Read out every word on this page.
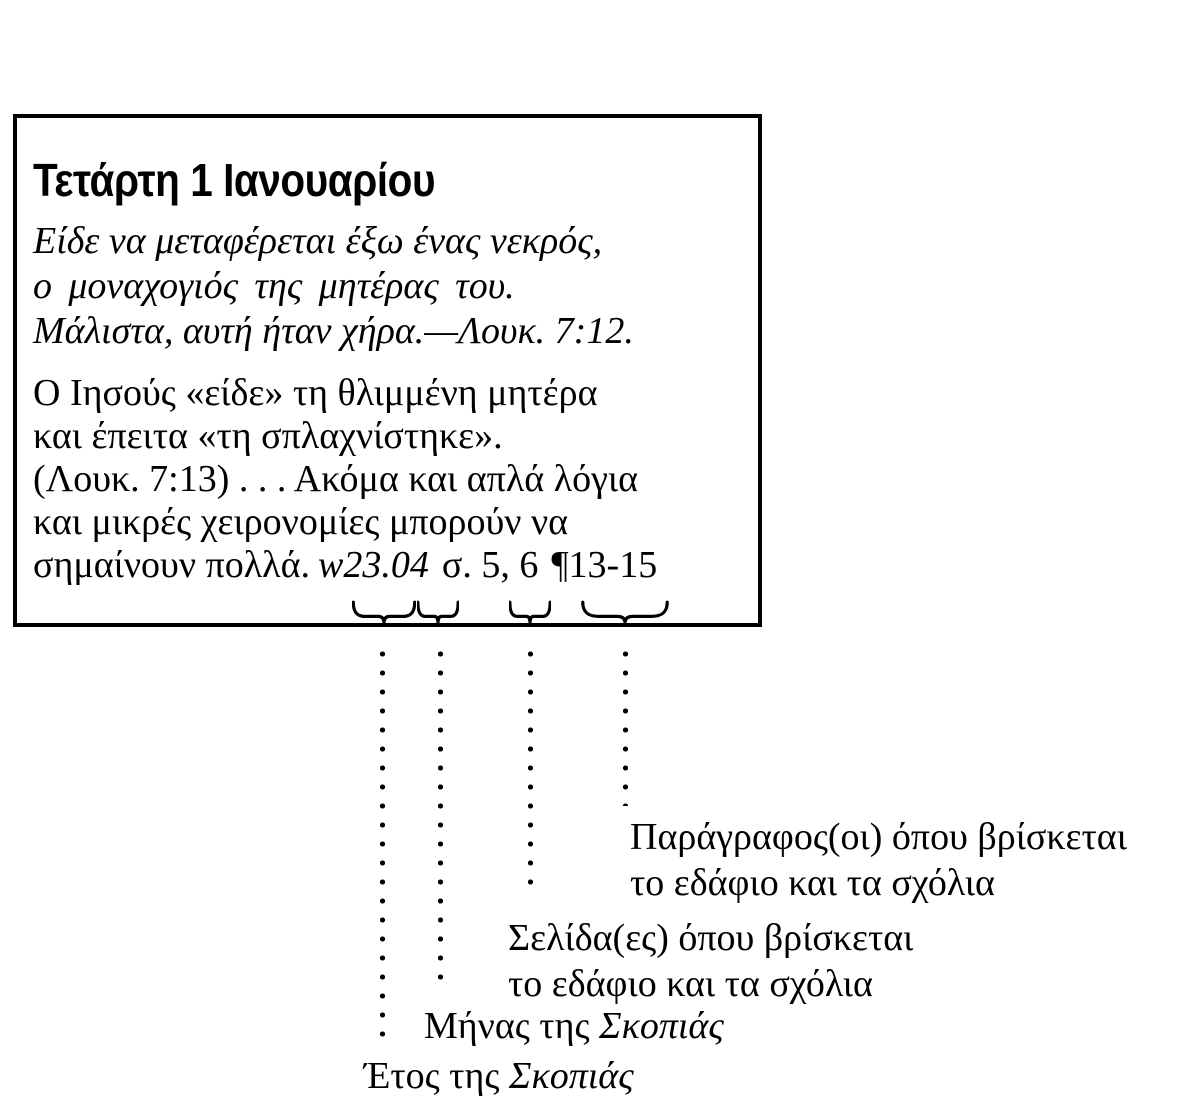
Τετάρτη 1 Ιανουαρίου
Είδε να μεταφέρεται έξω ένας νεκρός,
ο μοναχογιός της μητέρας του.
Μάλιστα, αυτή ήταν χήρα.—Λουκ. 7:12.
Ο Ιησούς «είδε» τη θλιμμένη μητέρα
και έπειτα «τη σπλαχνίστηκε».
(Λουκ. 7:13) . . . Ακόμα και απλά λόγια
και μικρές χειρονομίες μπορούν να
σημαίνουν πολλά. w23.04 σ. 5, 6 ¶13-15
Παράγραφος(οι) όπου βρίσκεται
το εδάφιο και τα σχόλια
Σελίδα(ες) όπου βρίσκεται
το εδάφιο και τα σχόλια
Μήνας της Σκοπιάς
Έτος της Σκοπιάς
